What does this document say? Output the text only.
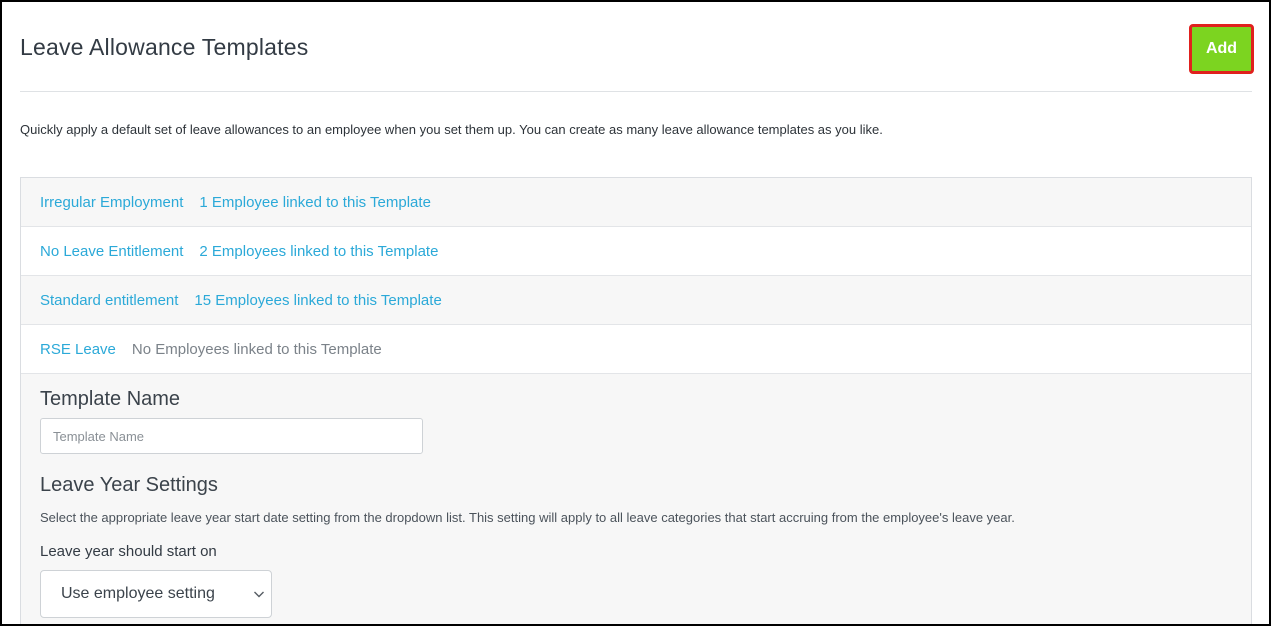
Leave Allowance Templates	Add

Quickly apply a default set of leave allowances to an employee when you set them up. You can create as many leave allowance templates as you like.

Irregular Employment 1 Employee linked to this Template
No Leave Entitlement 2 Employees linked to this Template
Standard entitlement 15 Employees linked to this Template
RSE Leave No Employees linked to this Template
Template Name
Template Name
Leave Year Settings

Select the appropriate leave year start date setting from the dropdown list. This setting will apply to all leave categories that start accruing from the employee's leave year.

Leave year should start on
Use employee setting
